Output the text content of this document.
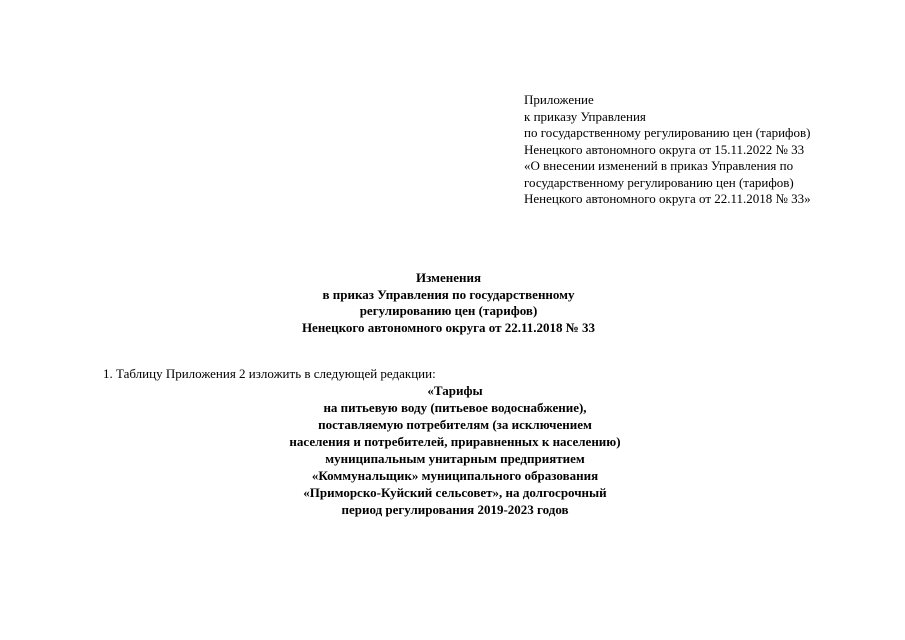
Приложение
к приказу Управления
по государственному регулированию цен (тарифов)
Ненецкого автономного округа от 15.11.2022 № 33
«О внесении изменений в приказ Управления по
государственному регулированию цен (тарифов)
Ненецкого автономного округа от 22.11.2018 № 33»
Изменения
в приказ Управления по государственному
регулированию цен (тарифов)
Ненецкого автономного округа от 22.11.2018 № 33
1. Таблицу Приложения 2 изложить в следующей редакции:
«Тарифы
на питьевую воду (питьевое водоснабжение),
поставляемую потребителям (за исключением
населения и потребителей, приравненных к населению)
муниципальным унитарным предприятием
«Коммунальщик» муниципального образования
«Приморско-Куйский сельсовет», на долгосрочный
период регулирования 2019-2023 годов
